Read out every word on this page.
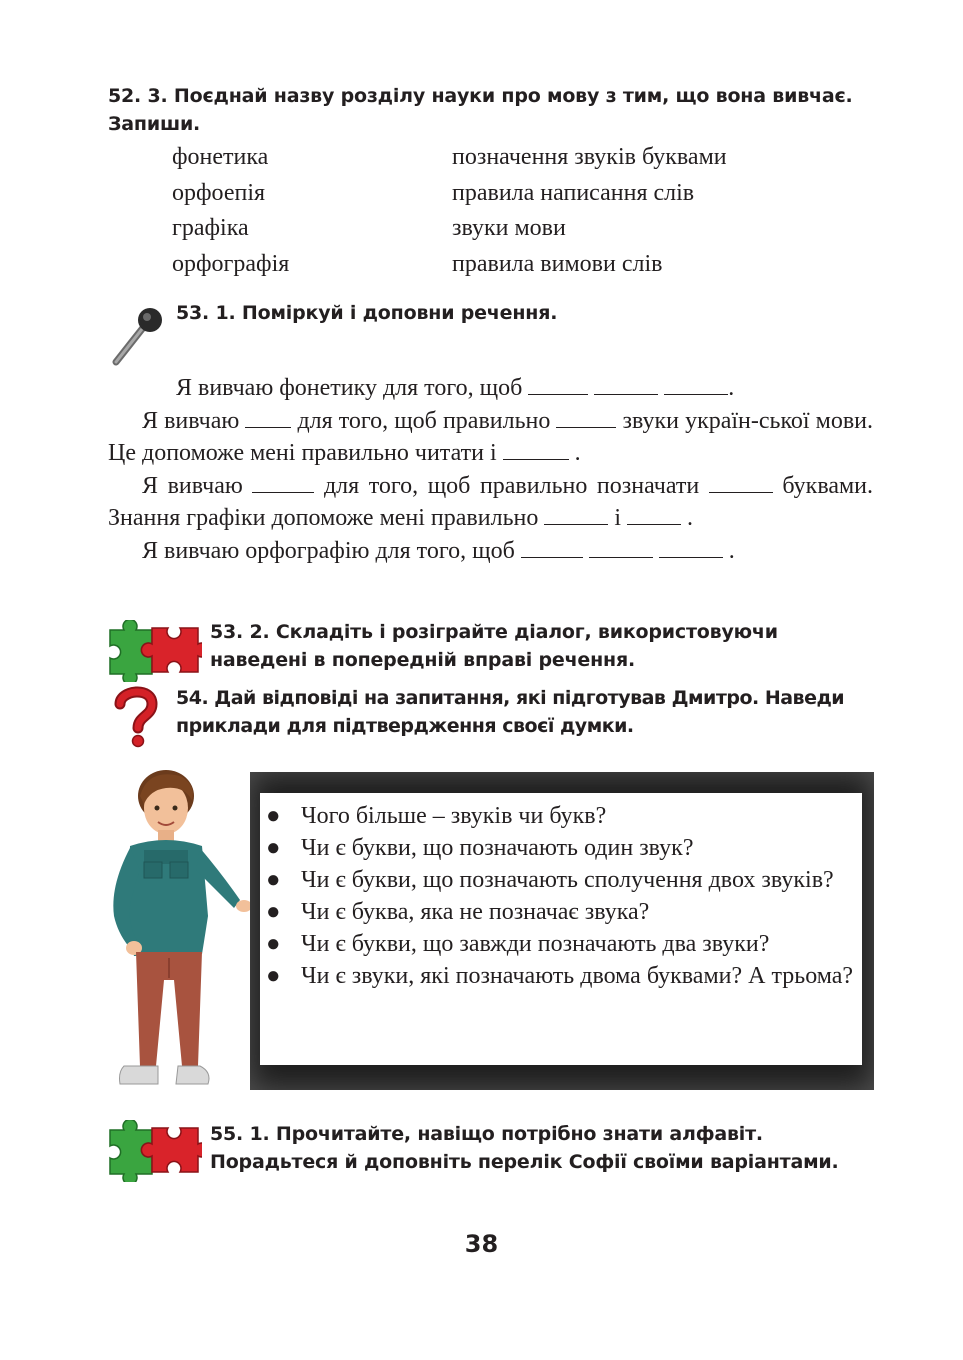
52. 3. Поєднай назву розділу науки про мову з тим, що вона вивчає. Запиши.
фонетика	позначення звуків буквами
орфоепія	правила написання слів
графіка	звуки мови
орфографія	правила вимови слів
53. 1. Поміркуй і доповни речення.

Я вивчаю фонетику для того, щоб	.

Я вивчаю для того, щоб правильно	звуки україн-ської мови. Це допоможе мені правильно читати і	.

Я вивчаю	для того, щоб правильно позначати	буквами. Знання графіки допоможе мені правильно	і	.

Я вивчаю орфографію для того, щоб	.

53. 2. Складіть і розіграйте діалог, використовуючи наведені в попередній вправі речення.
54. Дай відповіді на запитання, які підготував Дмитро. Наведи приклади для підтвердження своєї думки.
● Чого більше – звуків чи букв?
● Чи є букви, що позначають один звук?
● Чи є букви, що позначають сполучення двох звуків?
● Чи є буква, яка не позначає звука?
● Чи є букви, що завжди позначають два звуки?
● Чи є звуки, які позначають двома буквами? А трьома?
55. 1. Прочитайте, навіщо потрібно знати алфавіт. Порадьтеся й доповніть перелік Софії своїми варіантами.
38
